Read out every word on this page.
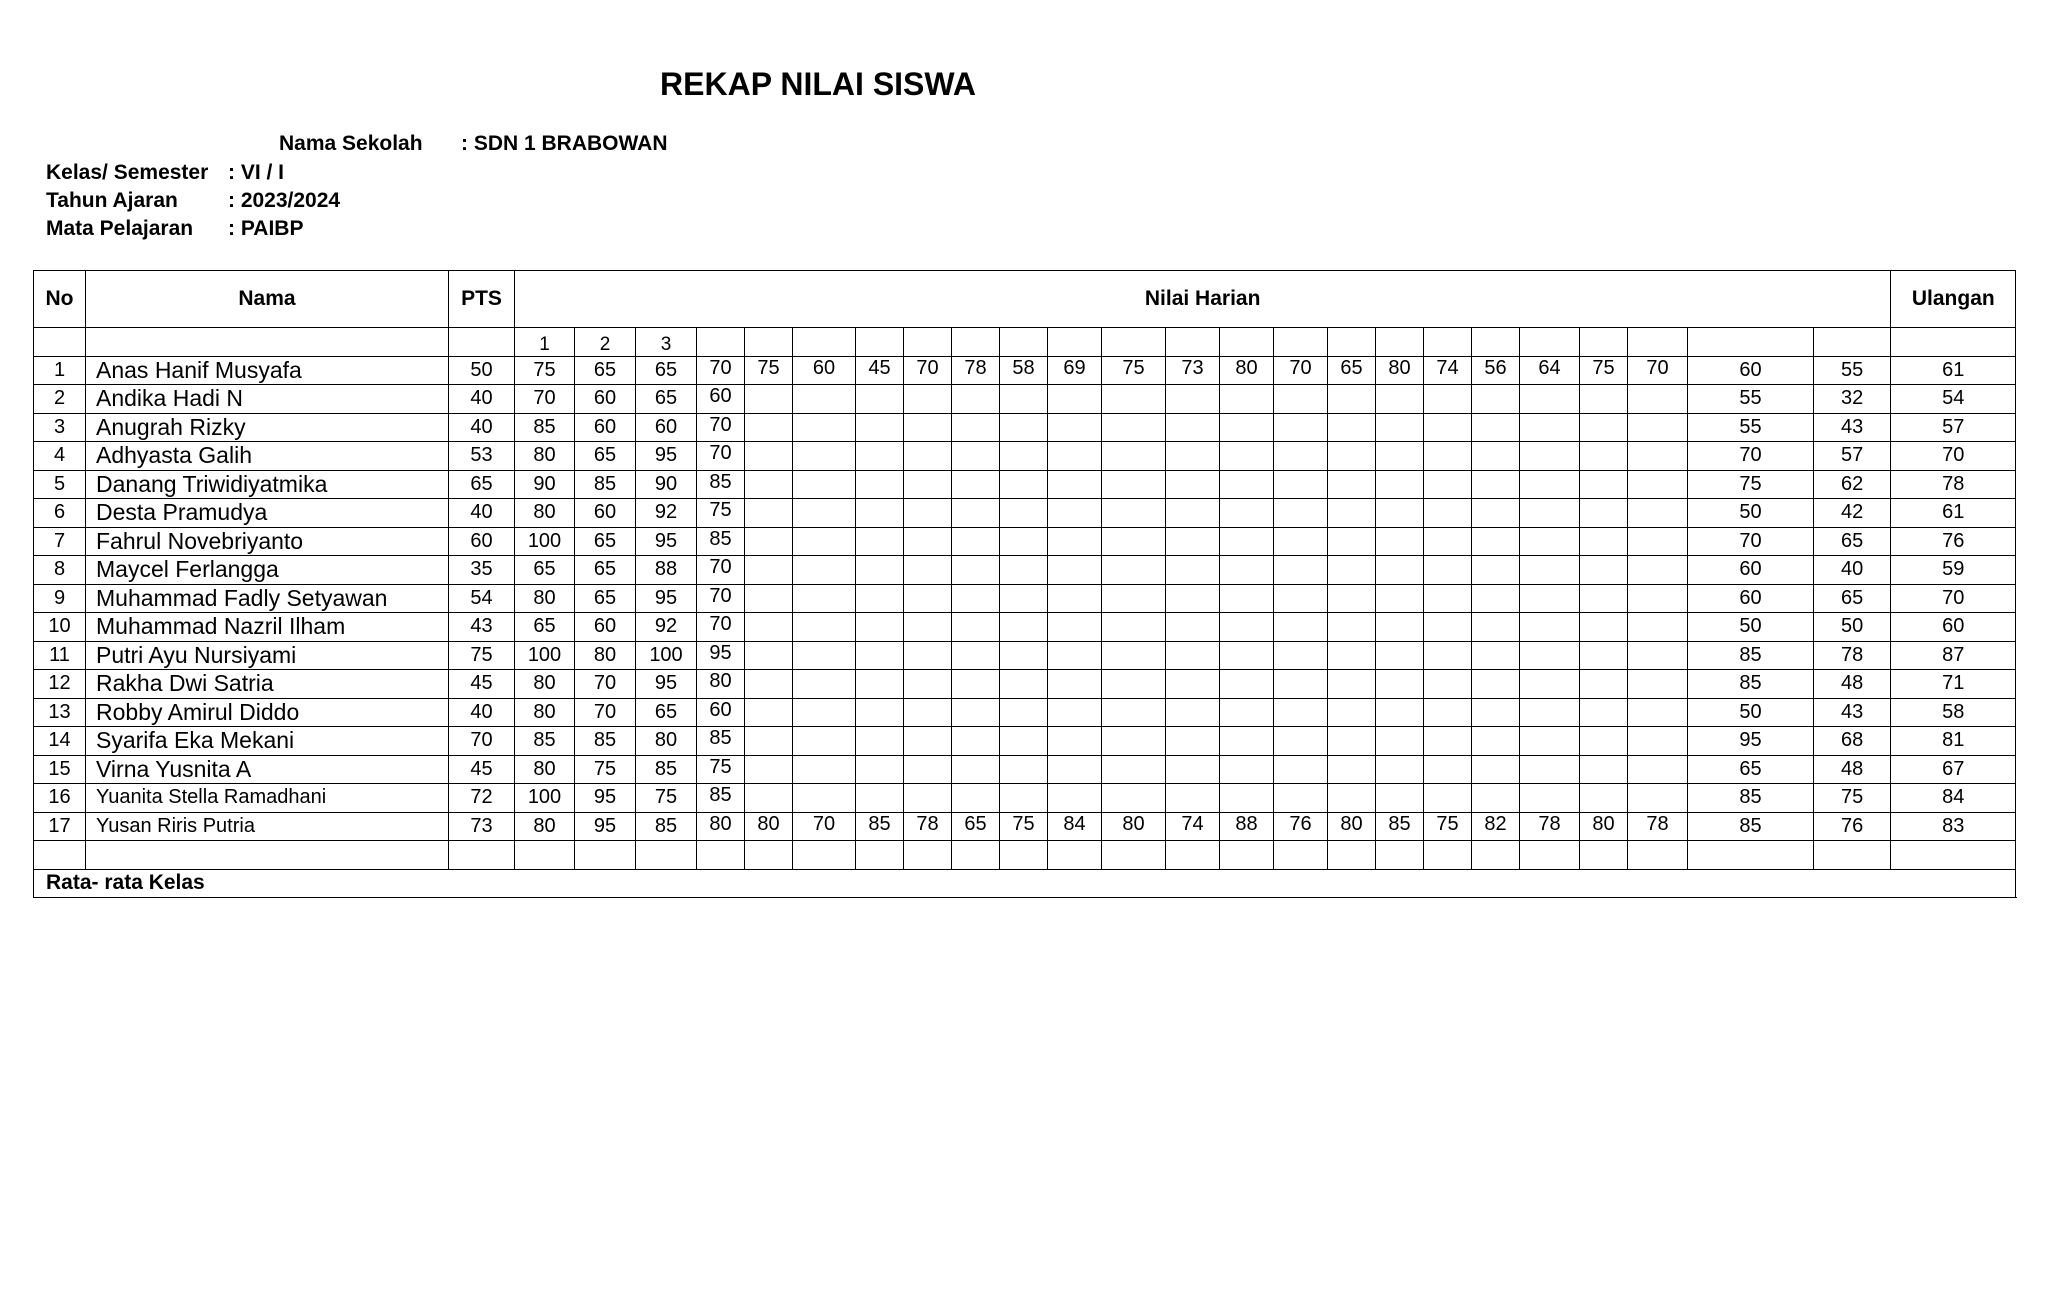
REKAP NILAI SISWA
Nama Sekolah : SDN 1 BRABOWAN
Kelas/ Semester : VI / I
Tahun Ajaran : 2023/2024
Mata Pelajaran : PAIBP
No	Nama	PTS	Nilai Harian																								Ulangan		

			1	2	3																							
1	Anas Hanif Musyafa	50	75	65	65	70	75	60	45	70	78	58	69	75	73	80	70	65	80	74	56	64	75	70	60	55	61	
2	Andika Hadi N	40	70	60	65	60																			55	32	54	
3	Anugrah Rizky	40	85	60	60	70																			55	43	57	
4	Adhyasta Galih	53	80	65	95	70																			70	57	70	
5	Danang Triwidiyatmika	65	90	85	90	85																			75	62	78	
6	Desta Pramudya	40	80	60	92	75																			50	42	61	
7	Fahrul Novebriyanto	60	100	65	95	85																			70	65	76	
8	Maycel Ferlangga	35	65	65	88	70																			60	40	59	
9	Muhammad Fadly Setyawan	54	80	65	95	70																			60	65	70	
10	Muhammad Nazril Ilham	43	65	60	92	70																			50	50	60	
11	Putri Ayu Nursiyami	75	100	80	100	95																			85	78	87	
12	Rakha Dwi Satria	45	80	70	95	80																			85	48	71	
13	Robby Amirul Diddo	40	80	70	65	60																			50	43	58	
14	Syarifa Eka Mekani	70	85	85	80	85																			95	68	81	
15	Virna Yusnita A	45	80	75	85	75																			65	48	67	
16	Yuanita Stella Ramadhani	72	100	95	75	85																			85	75	84	
17	Yusan Riris Putria	73	80	95	85	80	80	70	85	78	65	75	84	80	74	88	76	80	85	75	82	78	80	78	85	76	83	

Rata- rata Kelas	
